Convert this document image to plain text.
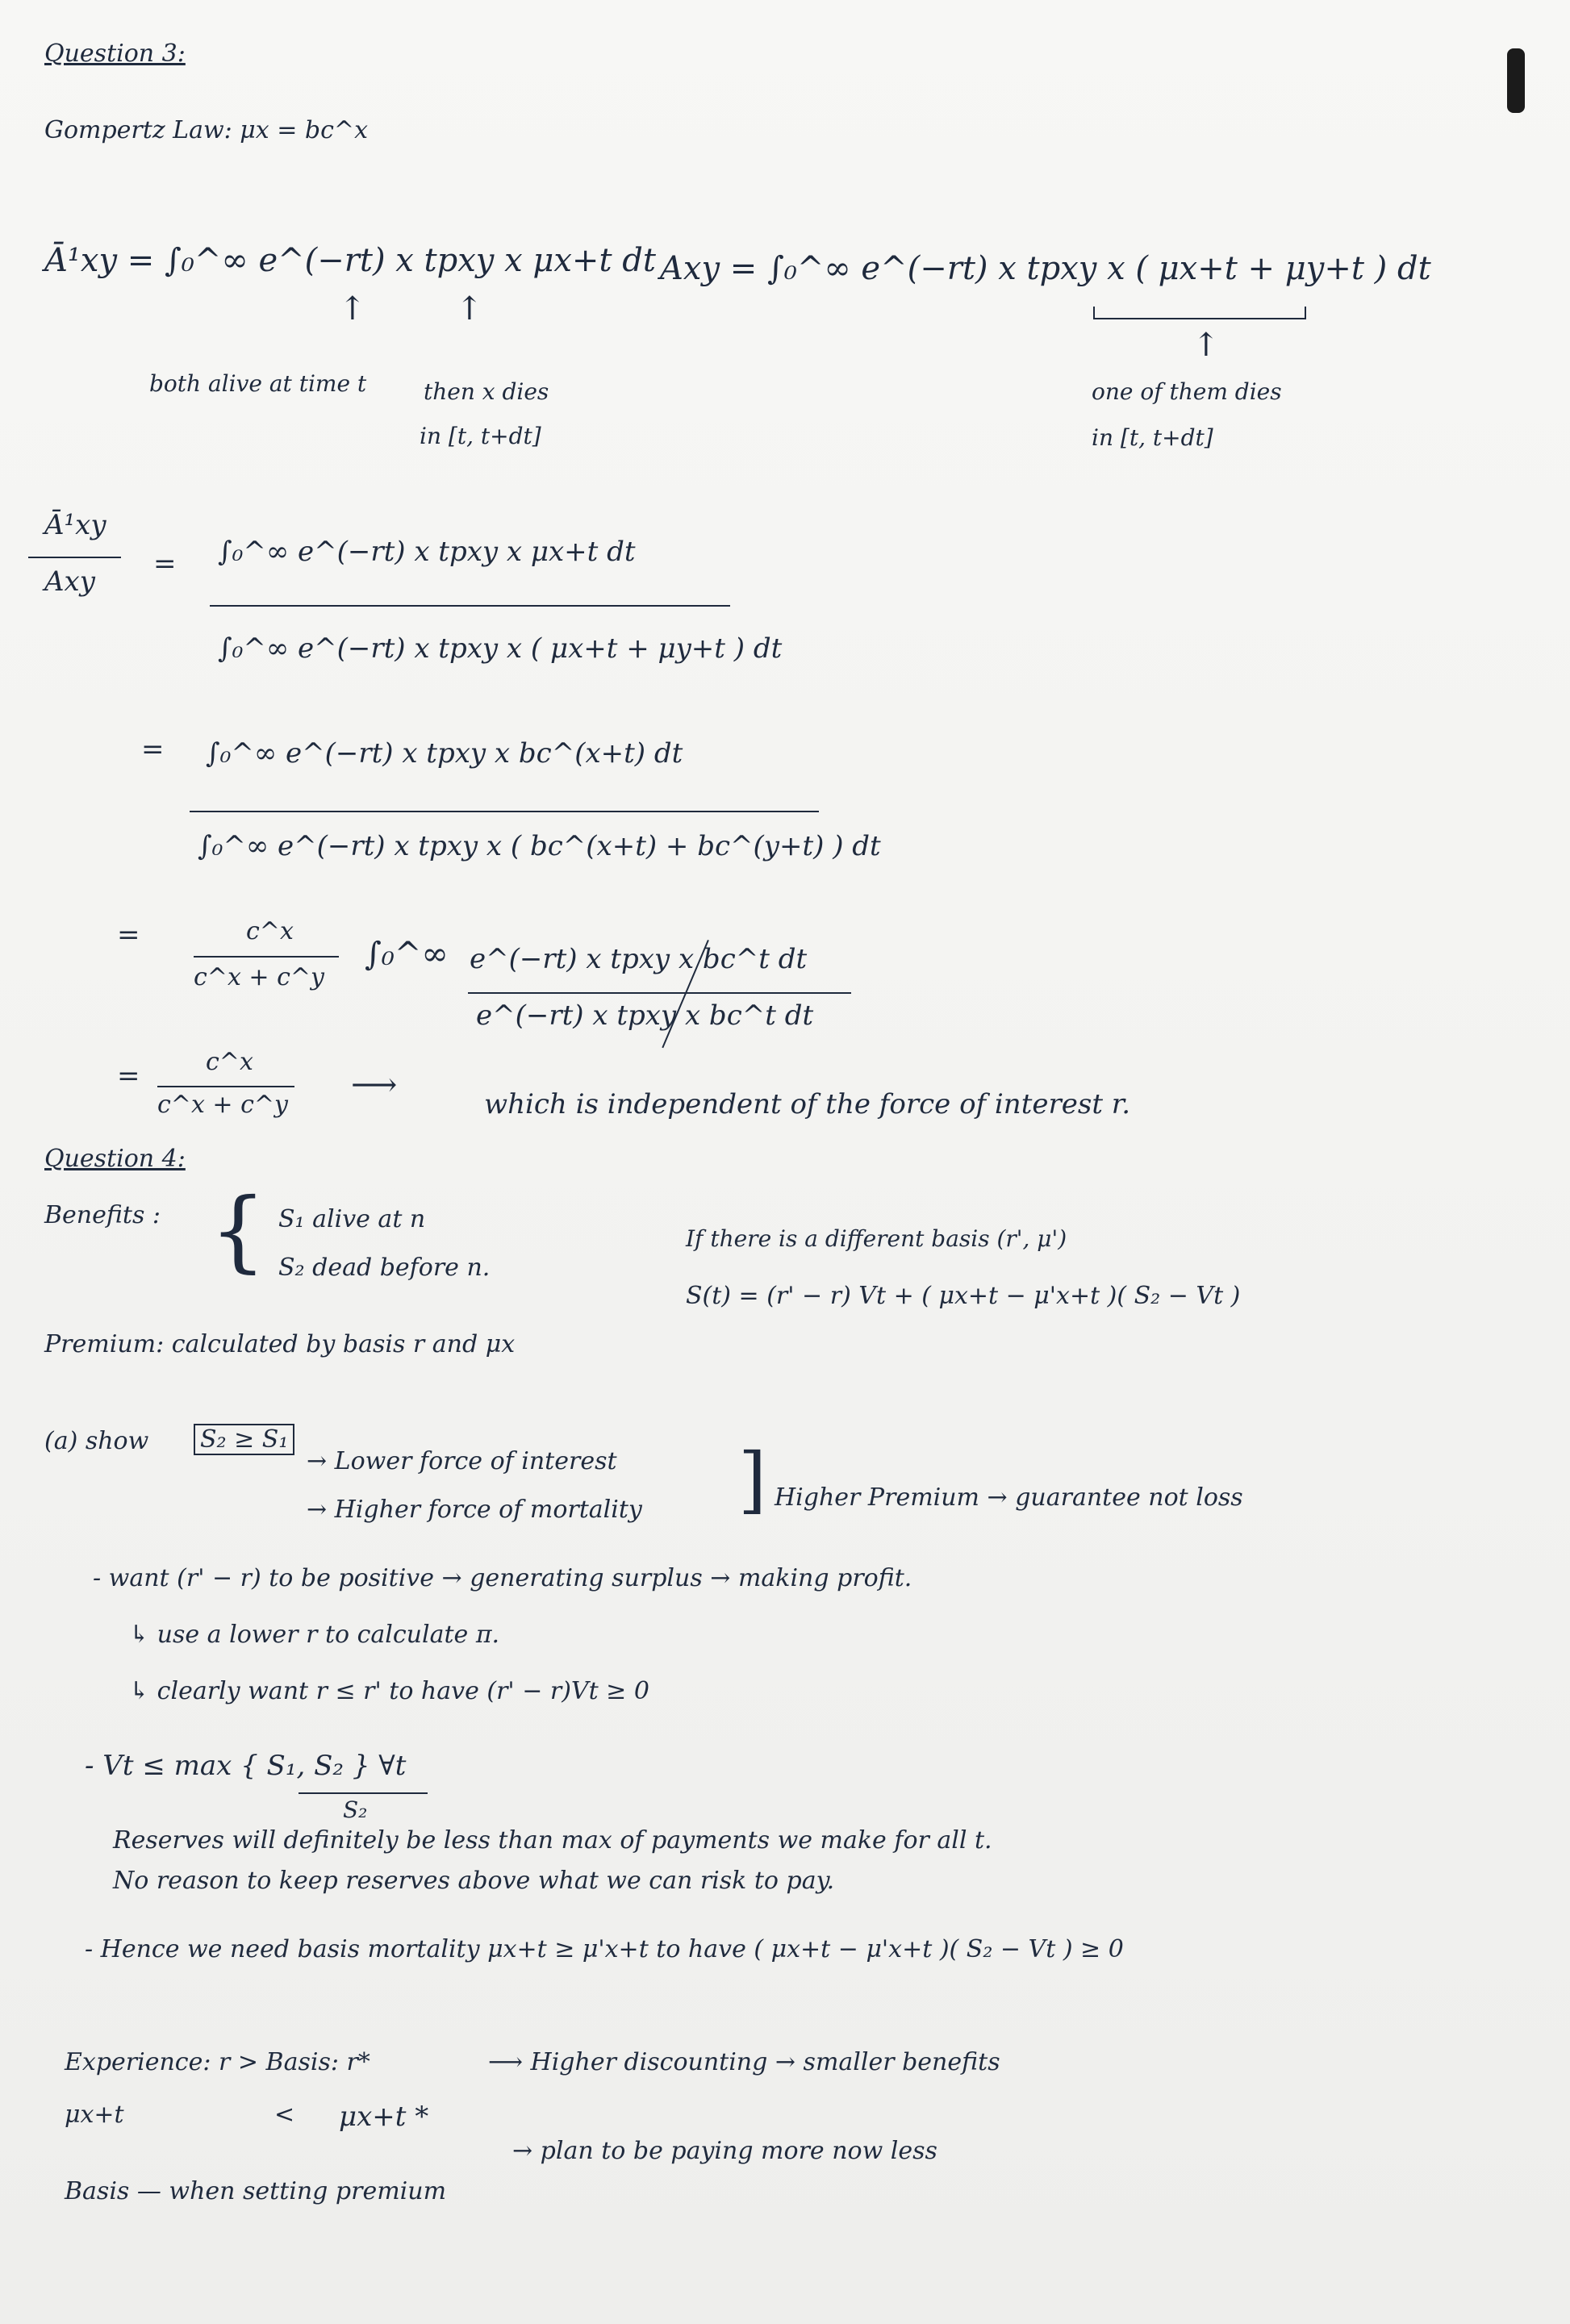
Question 3:
Gompertz Law: μx = bc^x
Ā¹xy = ∫₀^∞ e^(−rt) x tpxy x μx+t dt Axy = ∫₀^∞ e^(−rt) x tpxy x ( μx+t + μy+t ) dt
↑	↑
↑
both alive at time t	then x dies
in [t, t+dt]
one of them dies
in [t, t+dt]
Ā¹xy
Axy
= ∫₀^∞ e^(−rt) x tpxy x μx+t dt
∫₀^∞ e^(−rt) x tpxy x ( μx+t + μy+t ) dt
= ∫₀^∞ e^(−rt) x tpxy x bc^(x+t) dt
∫₀^∞ e^(−rt) x tpxy x ( bc^(x+t) + bc^(y+t) ) dt
=	c^x
c^x + c^y
∫₀^∞ e^(−rt) x tpxy x bc^t dt
e^(−rt) x tpxy x bc^t dt
=	c^x
c^x + c^y
⟶
which is independent of the force of interest r.
Question 4:
Benefits : { S₁ alive at n
S₂ dead before n.
If there is a different basis (r', μ')
S(t) = (r' − r) Vt + ( μx+t − μ'x+t )( S₂ − Vt )
Premium: calculated by basis r and μx
(a) show S₂ ≥ S₁
→ Lower force of interest
→ Higher force of mortality ] Higher Premium → guarantee not loss
- want (r' − r) to be positive → generating surplus → making profit.
↳ use a lower r to calculate π.
↳ clearly want r ≤ r' to have (r' − r)Vt ≥ 0
- Vt ≤ max { S₁, S₂ } ∀t
S₂
Reserves will definitely be less than max of payments we make for all t.
No reason to keep reserves above what we can risk to pay.
- Hence we need basis mortality μx+t ≥ μ'x+t to have ( μx+t − μ'x+t )( S₂ − Vt ) ≥ 0
Experience: r > Basis: r*	⟶ Higher discounting → smaller benefits
μx+t	< μx+t *
→ plan to be paying more now less
Basis — when setting premium
